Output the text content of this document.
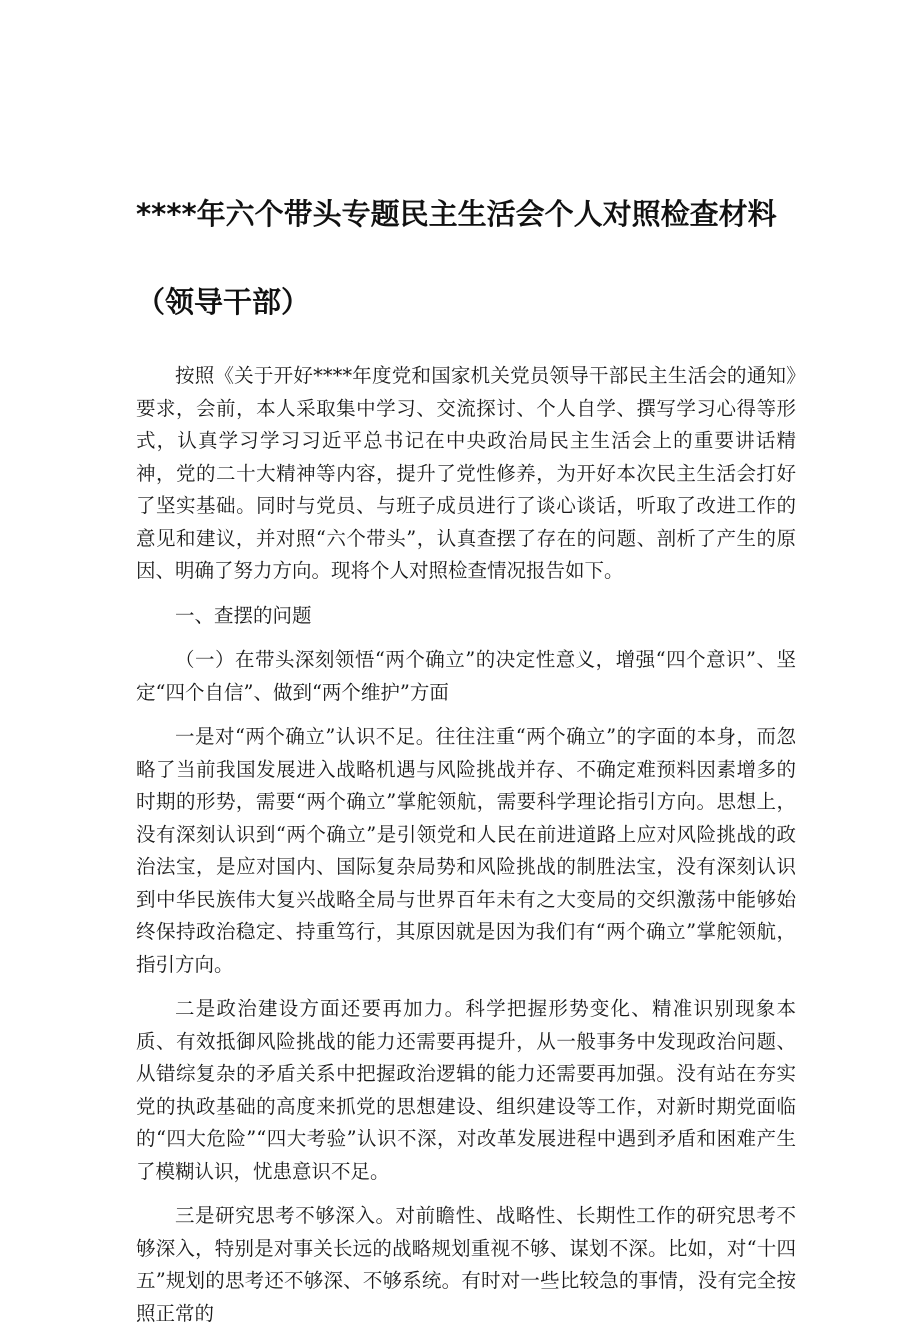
****年六个带头专题民主生活会个人对照检查材料
（领导干部）

按照《关于开好****年度党和国家机关党员领导干部民主生活会的通知》要求，会前，本人采取集中学习、交流探讨、个人自学、撰写学习心得等形式，认真学习学习习近平总书记在中央政治局民主生活会上的重要讲话精神，党的二十大精神等内容，提升了党性修养，为开好本次民主生活会打好了坚实基础。同时与党员、与班子成员进行了谈心谈话，听取了改进工作的意见和建议，并对照“六个带头”，认真查摆了存在的问题、剖析了产生的原因、明确了努力方向。现将个人对照检查情况报告如下。

一、查摆的问题

（一）在带头深刻领悟“两个确立”的决定性意义，增强“四个意识”、坚定“四个自信”、做到“两个维护”方面

一是对“两个确立”认识不足。往往注重“两个确立”的字面的本身，而忽略了当前我国发展进入战略机遇与风险挑战并存、不确定难预料因素增多的时期的形势，需要“两个确立”掌舵领航，需要科学理论指引方向。思想上，没有深刻认识到“两个确立”是引领党和人民在前进道路上应对风险挑战的政治法宝，是应对国内、国际复杂局势和风险挑战的制胜法宝，没有深刻认识到中华民族伟大复兴战略全局与世界百年未有之大变局的交织激荡中能够始终保持政治稳定、持重笃行，其原因就是因为我们有“两个确立”掌舵领航，指引方向。

二是政治建设方面还要再加力。科学把握形势变化、精准识别现象本质、有效抵御风险挑战的能力还需要再提升，从一般事务中发现政治问题、从错综复杂的矛盾关系中把握政治逻辑的能力还需要再加强。没有站在夯实党的执政基础的高度来抓党的思想建设、组织建设等工作，对新时期党面临的“四大危险”“四大考验”认识不深，对改革发展进程中遇到矛盾和困难产生了模糊认识，忧患意识不足。

三是研究思考不够深入。对前瞻性、战略性、长期性工作的研究思考不够深入，特别是对事关长远的战略规划重视不够、谋划不深。比如，对“十四五”规划的思考还不够深、不够系统。有时对一些比较急的事情，没有完全按照正常的
